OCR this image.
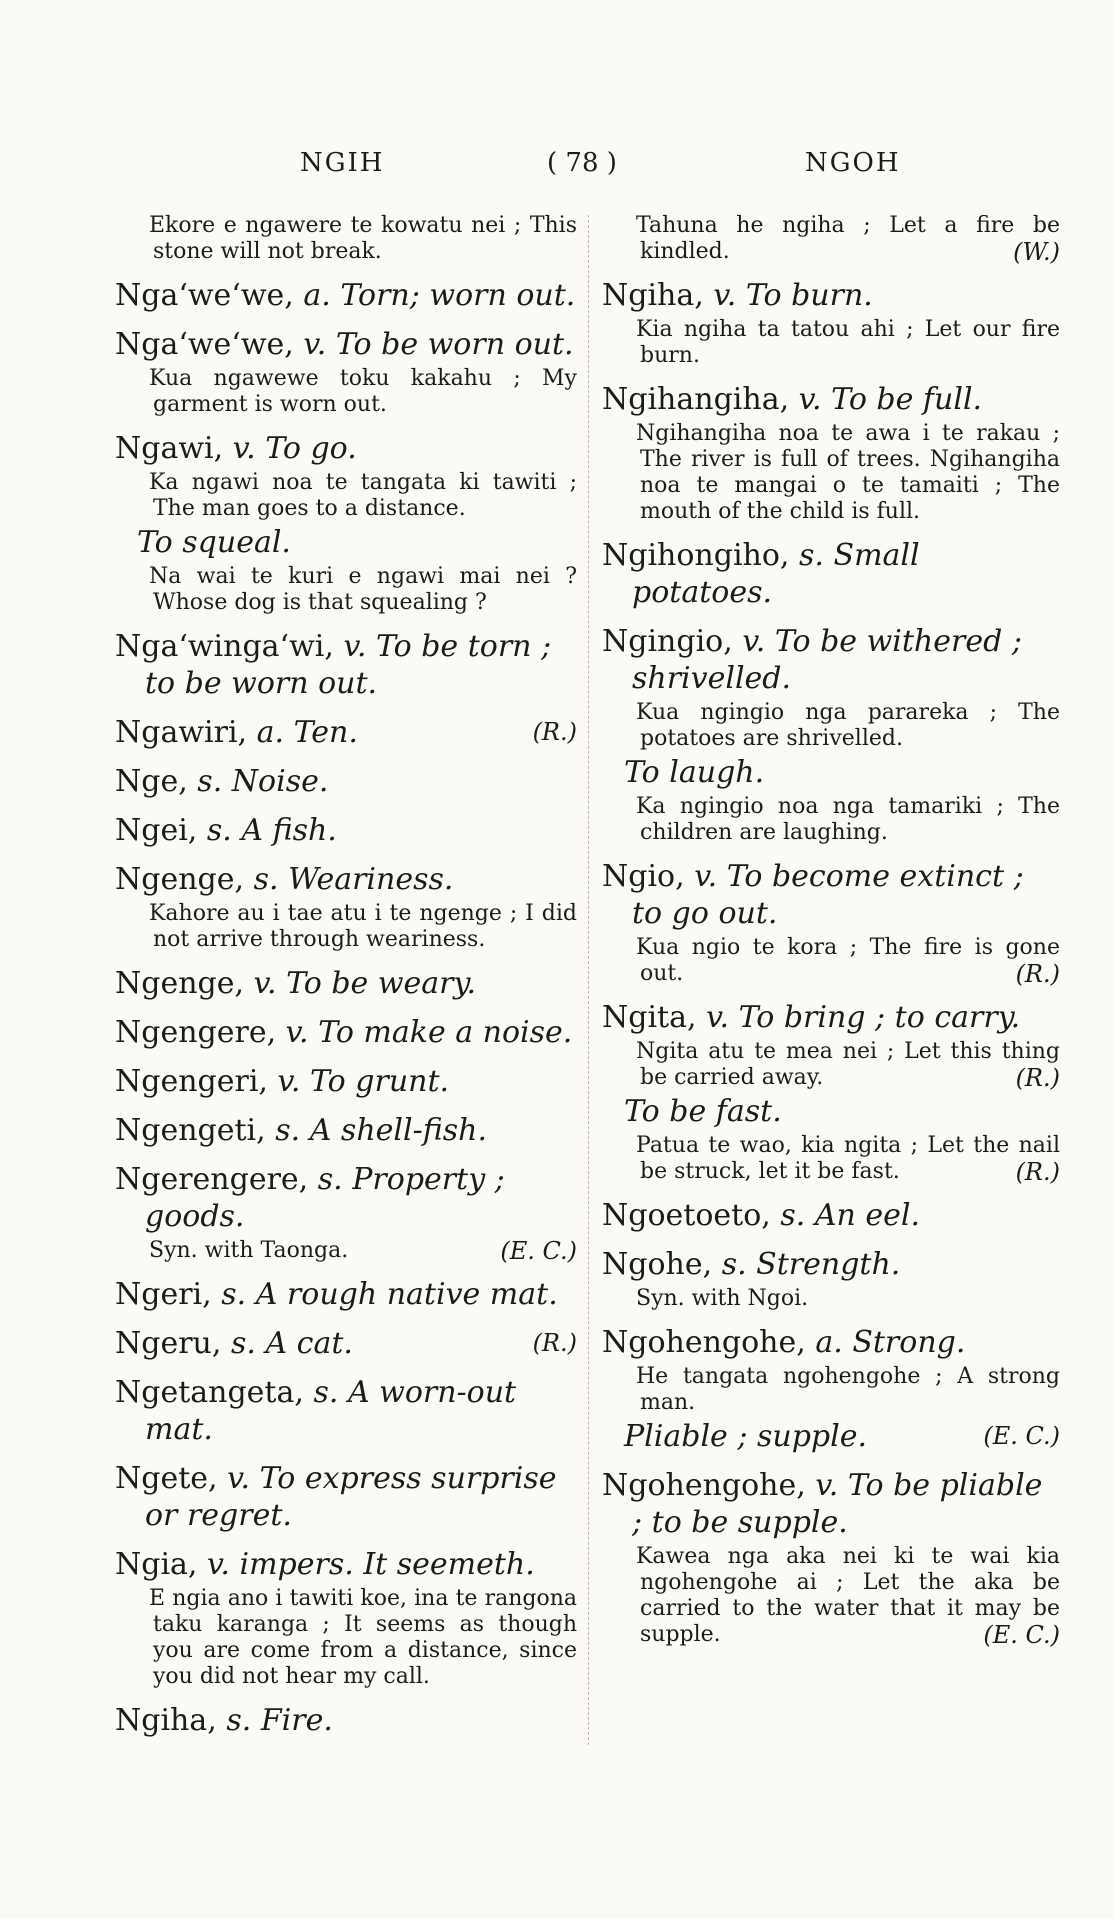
NGIH	( 78 )	NGOH
Ekore e ngawere te kowatu nei ; This stone will not break.
Nga‘we‘we, a. Torn; worn out.
Nga‘we‘we, v. To be worn out.
Kua ngawewe toku kakahu ; My garment is worn out.
Ngawi, v. To go.
Ka ngawi noa te tangata ki tawiti ; The man goes to a distance.
To squeal.
Na wai te kuri e ngawi mai nei ? Whose dog is that squealing ?
Nga‘winga‘wi, v. To be torn ; to be worn out.
(R.)
Ngawiri, a. Ten.
Nge, s. Noise.
Ngei, s. A fish.
Ngenge, s. Weariness.
Kahore au i tae atu i te ngenge ; I did not arrive through weariness.
Ngenge, v. To be weary.
Ngengere, v. To make a noise.
Ngengeri, v. To grunt.
Ngengeti, s. A shell-fish.
Ngerengere, s. Property ; goods.
Syn. with Taonga.	(E. C.)
Ngeri, s. A rough native mat.
(R.)
Ngeru, s. A cat.
Ngetangeta, s. A worn-out mat.
Ngete, v. To express surprise or regret.
Ngia, v. impers. It seemeth.
E ngia ano i tawiti koe, ina te rangona taku karanga ; It seems as though you are come from a distance, since you did not hear my call.
Ngiha, s. Fire.
Tahuna he ngiha ; Let a fire be kindled.	(W.)
Ngiha, v. To burn.
Kia ngiha ta tatou ahi ; Let our fire burn.
Ngihangiha, v. To be full.
Ngihangiha noa te awa i te rakau ; The river is full of trees. Ngihangiha noa te mangai o te tamaiti ; The mouth of the child is full.
Ngihongiho, s. Small potatoes.
Ngingio, v. To be withered ; shrivelled.
Kua ngingio nga parareka ; The potatoes are shrivelled.
To laugh.
Ka ngingio noa nga tamariki ; The children are laughing.
Ngio, v. To become extinct ; to go out.
Kua ngio te kora ; The fire is gone out.	(R.)
Ngita, v. To bring ; to carry.
Ngita atu te mea nei ; Let this thing be carried away.	(R.)
To be fast.
Patua te wao, kia ngita ; Let the nail be struck, let it be fast.	(R.)
Ngoetoeto, s. An eel.
Ngohe, s. Strength.
Syn. with Ngoi.
Ngohengohe, a. Strong.
He tangata ngohengohe ; A strong man.
(E. C.)
Pliable ; supple.
Ngohengohe, v. To be pliable ; to be supple.
Kawea nga aka nei ki te wai kia ngohengohe ai ; Let the aka be carried to the water that it may be supple.	(E. C.)
